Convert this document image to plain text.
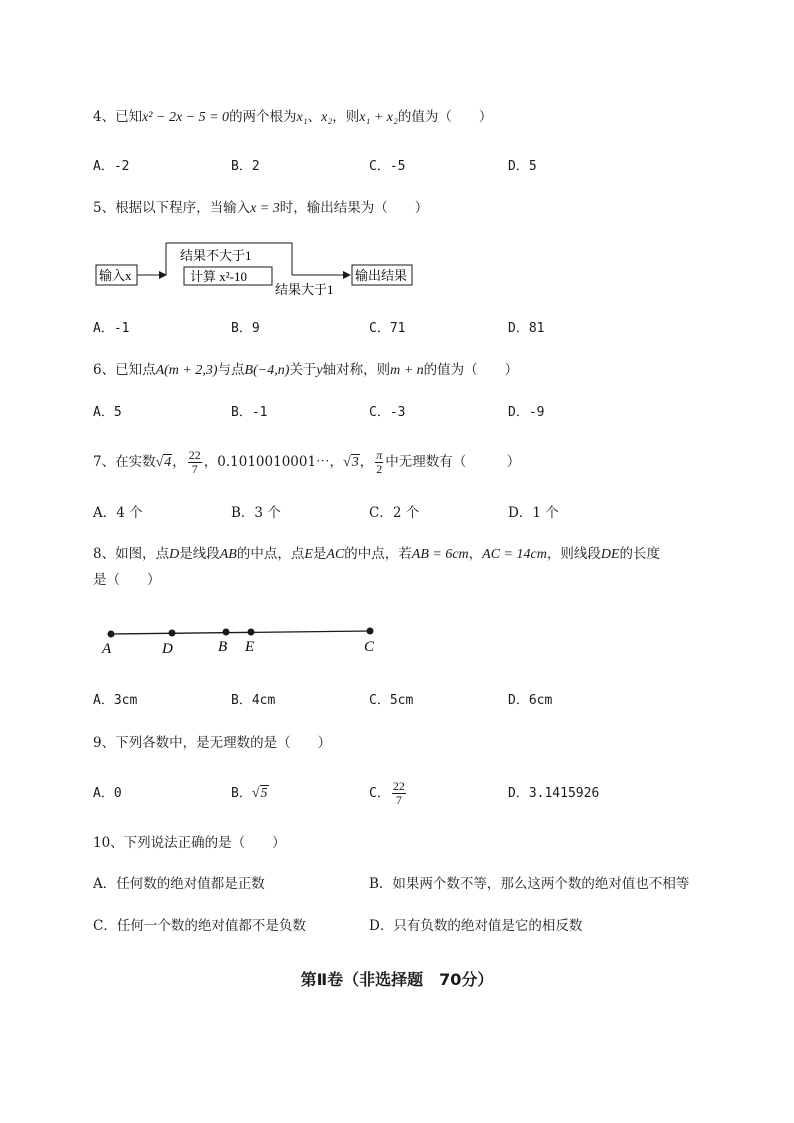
4、已知x² − 2x − 5 = 0的两个根为x₁、x₂，则x₁ + x₂的值为（　　）
A．-2	B．2	C．-5	D．5
5、根据以下程序，当输入x = 3时，输出结果为（　　）
输入x
结果不大于1
计算 x²-10
结果大于1
输出结果
A．-1	B．9	C．71	D．81
6、已知点A(m + 2,3)与点B(−4,n)关于y轴对称，则m + n的值为（　　）
A．5	B．-1	C．-3	D．-9
7、在实数√4， $\frac{22}{7}$ ，0.1010010001⋯，√3， $\frac{\pi}{2}$ 中无理数有（　　　）
A．4 个	B．3 个	C．2 个	D．1 个
8、如图，点D是线段AB的中点，点E是AC的中点，若AB = 6cm，AC = 14cm，则线段DE的长度
是（　　）
A	D	B E	C
A．3cm	B．4cm	C．5cm	D．6cm
9、下列各数中，是无理数的是（　　）
A．0	B．√5	C． $\frac{22}{7}$	D．3.1415926
10、下列说法正确的是（　　）
A．任何数的绝对值都是正数	B．如果两个数不等，那么这两个数的绝对值也不相等
C．任何一个数的绝对值都不是负数	D．只有负数的绝对值是它的相反数
第Ⅱ卷（非选择题　70分）
